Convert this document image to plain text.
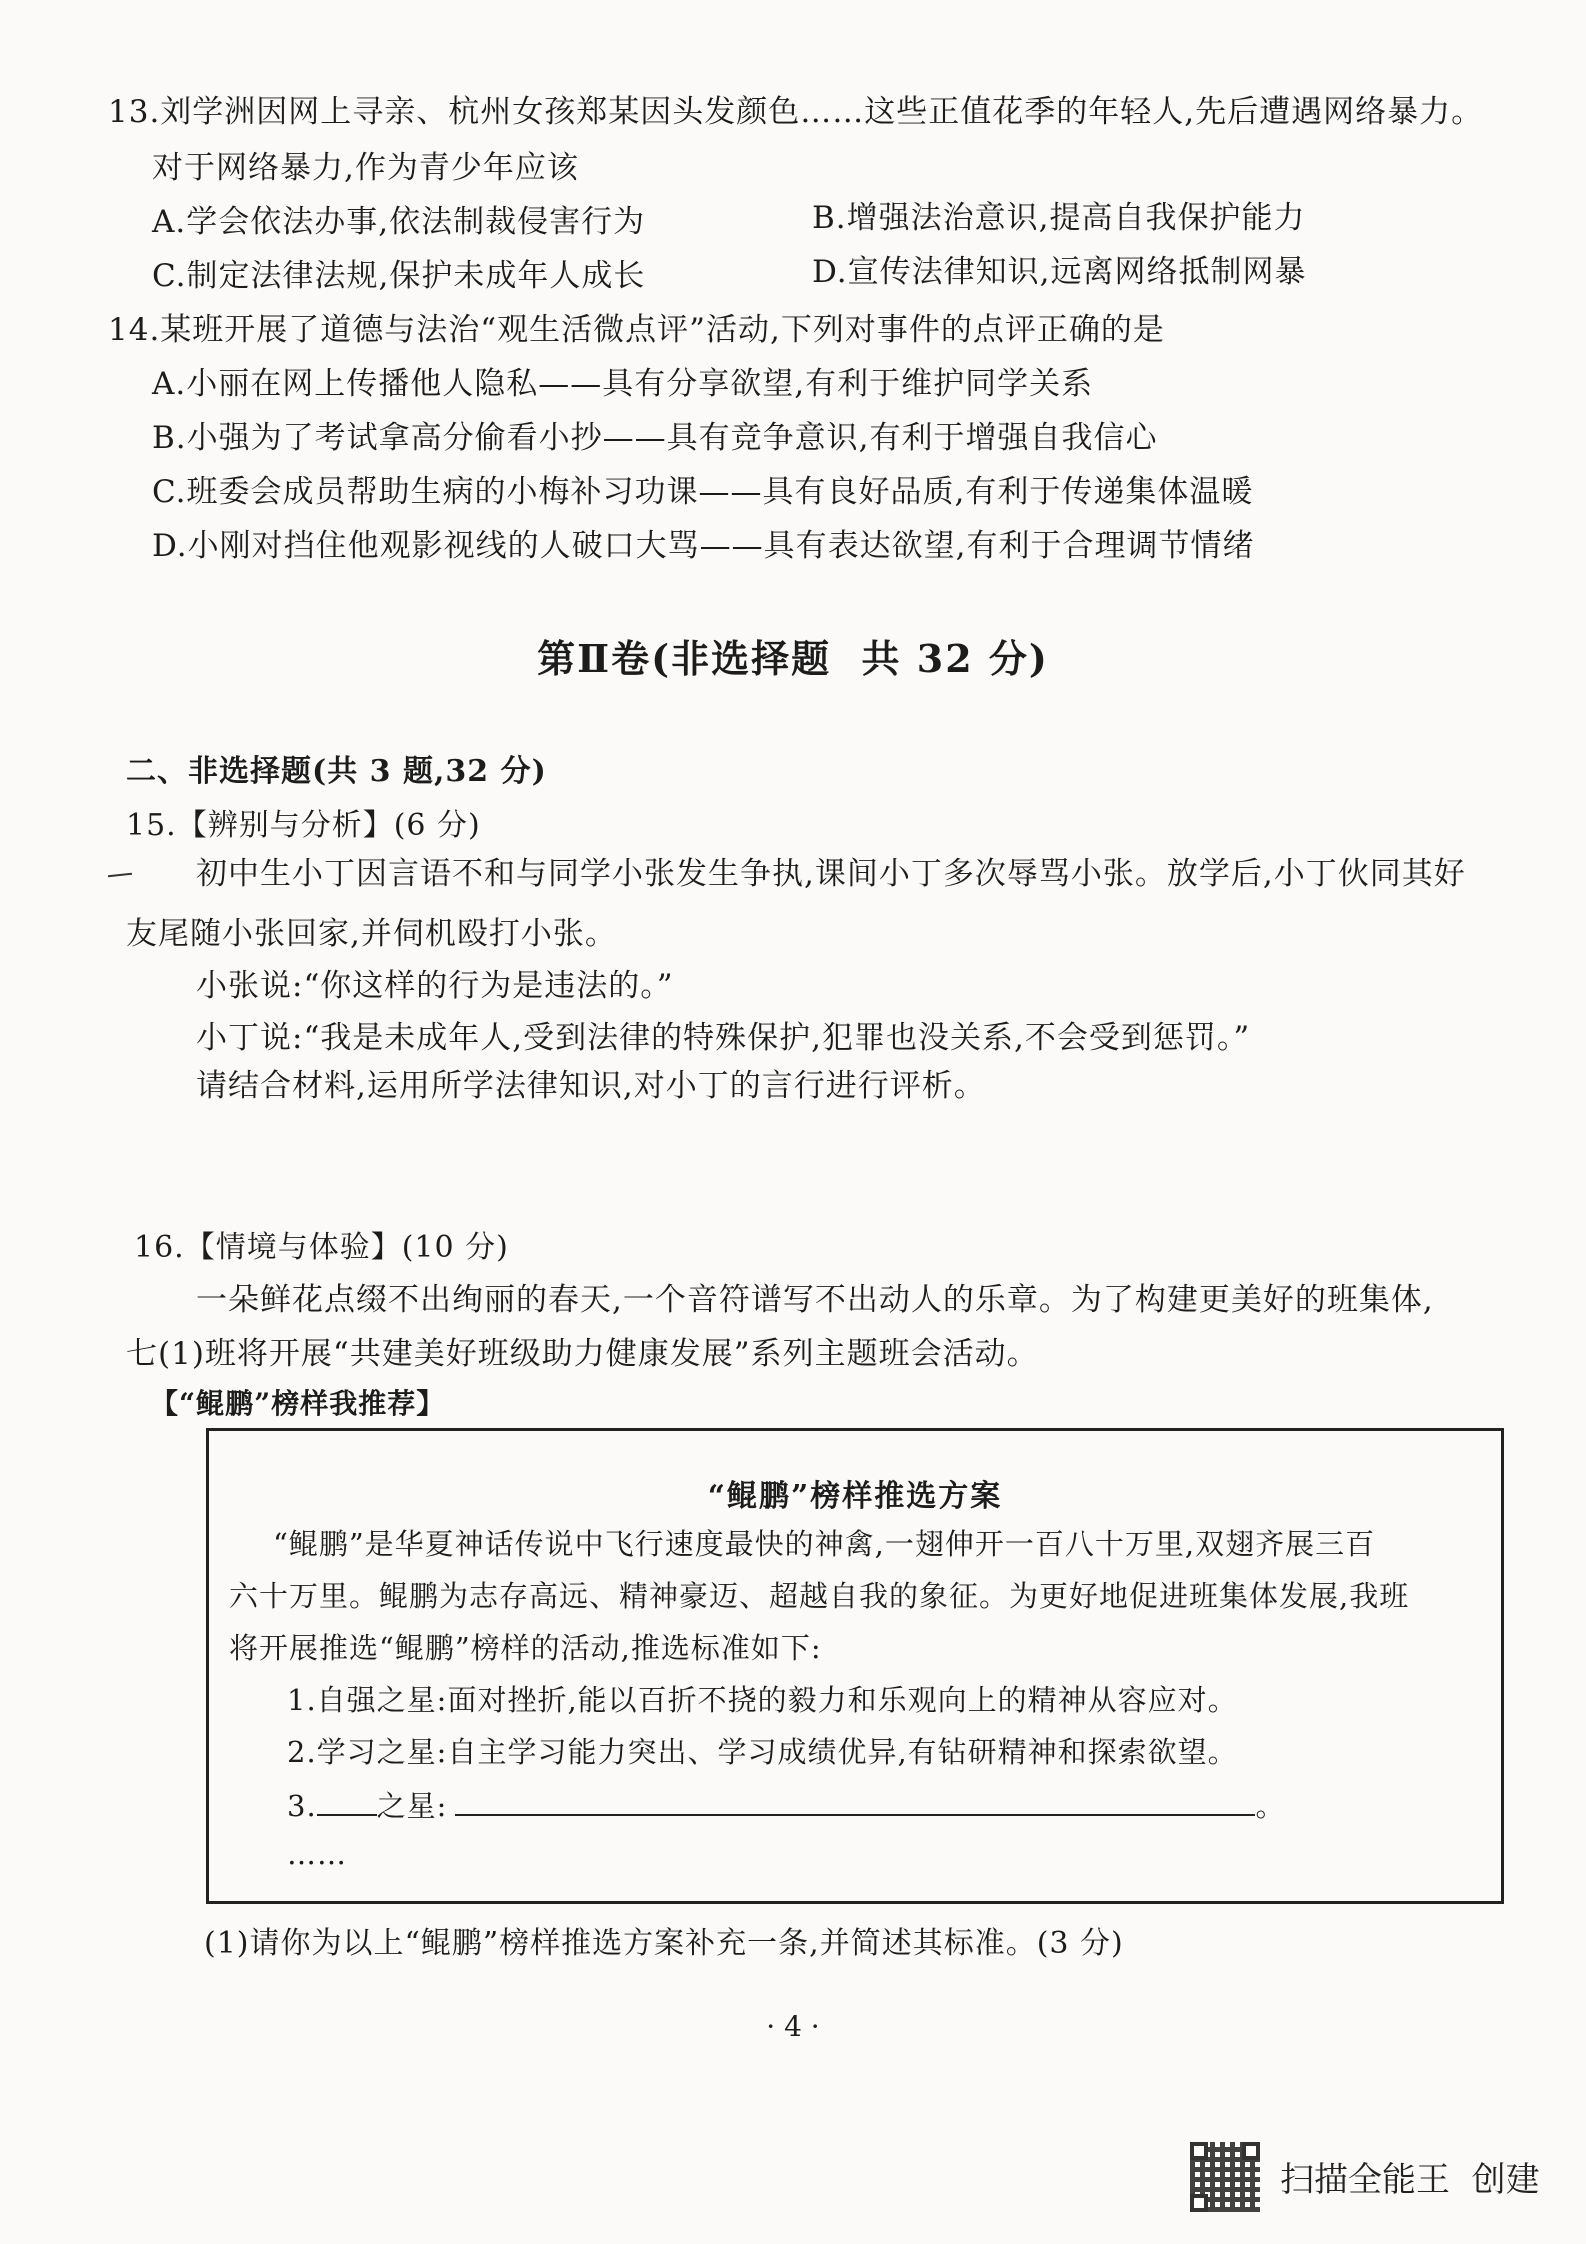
13.刘学洲因网上寻亲、杭州女孩郑某因头发颜色……这些正值花季的年轻人,先后遭遇网络暴力。
对于网络暴力,作为青少年应该
A.学会依法办事,依法制裁侵害行为	B.增强法治意识,提高自我保护能力
C.制定法律法规,保护未成年人成长	D.宣传法律知识,远离网络抵制网暴
14.某班开展了道德与法治“观生活微点评”活动,下列对事件的点评正确的是
A.小丽在网上传播他人隐私——具有分享欲望,有利于维护同学关系
B.小强为了考试拿高分偷看小抄——具有竞争意识,有利于增强自我信心
C.班委会成员帮助生病的小梅补习功课——具有良好品质,有利于传递集体温暖
D.小刚对挡住他观影视线的人破口大骂——具有表达欲望,有利于合理调节情绪
第Ⅱ卷(非选择题  共 32 分)
二、非选择题(共 3 题,32 分)
15.【辨别与分析】(6 分)
初中生小丁因言语不和与同学小张发生争执,课间小丁多次辱骂小张。放学后,小丁伙同其好
友尾随小张回家,并伺机殴打小张。
小张说:“你这样的行为是违法的。”
小丁说:“我是未成年人,受到法律的特殊保护,犯罪也没关系,不会受到惩罚。”
请结合材料,运用所学法律知识,对小丁的言行进行评析。
16.【情境与体验】(10 分)
一朵鲜花点缀不出绚丽的春天,一个音符谱写不出动人的乐章。为了构建更美好的班集体,
七(1)班将开展“共建美好班级助力健康发展”系列主题班会活动。
【“鲲鹏”榜样我推荐】
“鲲鹏”榜样推选方案
“鲲鹏”是华夏神话传说中飞行速度最快的神禽,一翅伸开一百八十万里,双翅齐展三百
六十万里。鲲鹏为志存高远、精神豪迈、超越自我的象征。为更好地促进班集体发展,我班
将开展推选“鲲鹏”榜样的活动,推选标准如下:
1.自强之星:面对挫折,能以百折不挠的毅力和乐观向上的精神从容应对。
2.学习之星:自主学习能力突出、学习成绩优异,有钻研精神和探索欲望。
3. 之星:	。
……
(1)请你为以上“鲲鹏”榜样推选方案补充一条,并简述其标准。(3 分)
· 4 ·
扫描全能王  创建
